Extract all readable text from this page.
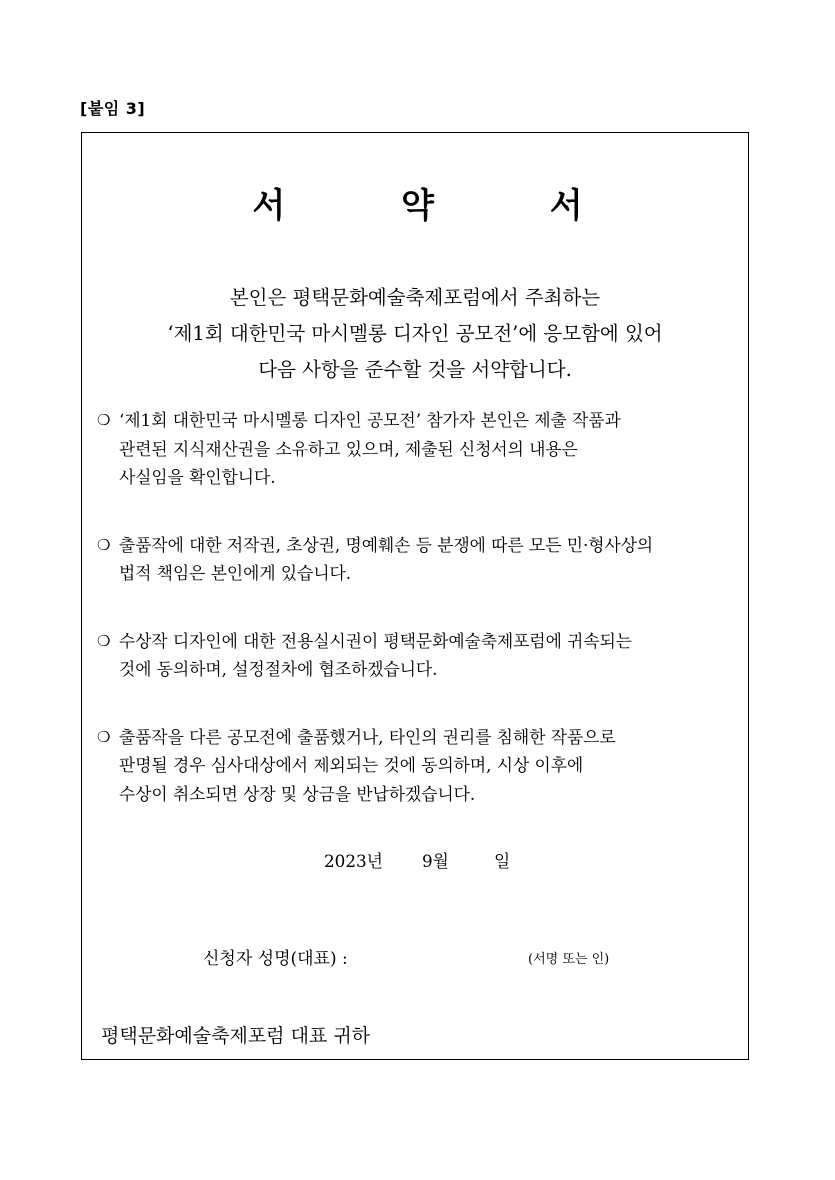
[붙임 3]
서 약 서
본인은 평택문화예술축제포럼에서 주최하는
‘제1회 대한민국 마시멜롱 디자인 공모전’에 응모함에 있어
다음 사항을 준수할 것을 서약합니다.
❍ ‘제1회 대한민국 마시멜롱 디자인 공모전’ 참가자 본인은 제출 작품과
관련된 지식재산권을 소유하고 있으며, 제출된 신청서의 내용은
사실임을 확인합니다.
❍ 출품작에 대한 저작권, 초상권, 명예훼손 등 분쟁에 따른 모든 민·형사상의
법적 책임은 본인에게 있습니다.
❍ 수상작 디자인에 대한 전용실시권이 평택문화예술축제포럼에 귀속되는
것에 동의하며, 설정절차에 협조하겠습니다.
❍ 출품작을 다른 공모전에 출품했거나, 타인의 권리를 침해한 작품으로
판명될 경우 심사대상에서 제외되는 것에 동의하며, 시상 이후에
수상이 취소되면 상장 및 상금을 반납하겠습니다.
2023년 9월	일
신청자 성명(대표) :	(서명 또는 인)
평택문화예술축제포럼 대표 귀하
